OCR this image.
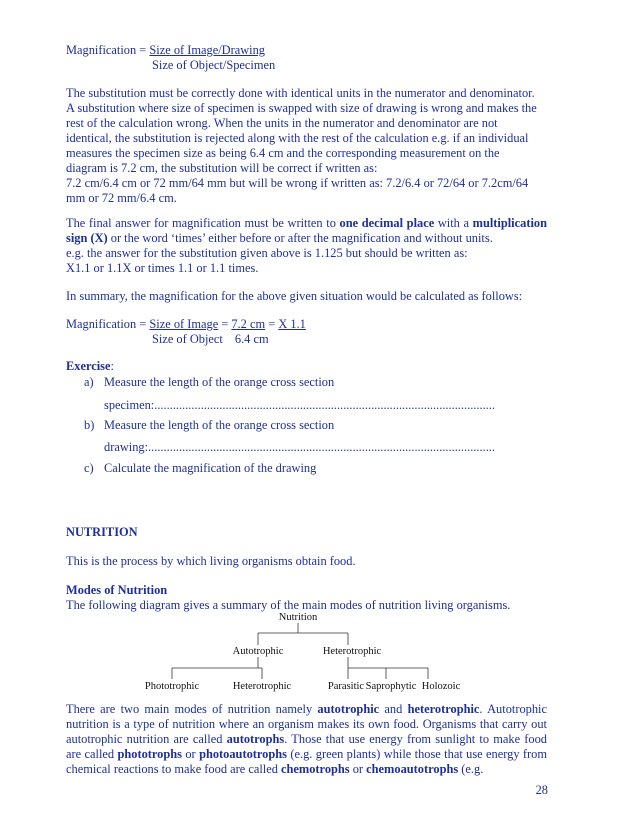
Magnification = Size of Image/Drawing
Size of Object/Specimen
The substitution must be correctly done with identical units in the numerator and denominator.
A substitution where size of specimen is swapped with size of drawing is wrong and makes the
rest of the calculation wrong. When the units in the numerator and denominator are not
identical, the substitution is rejected along with the rest of the calculation e.g. if an individual
measures the specimen size as being 6.4 cm and the corresponding measurement on the
diagram is 7.2 cm, the substitution will be correct if written as:
7.2 cm/6.4 cm or 72 mm/64 mm but will be wrong if written as: 7.2/6.4 or 72/64 or 7.2cm/64
mm or 72 mm/6.4 cm.
The final answer for magnification must be written to one decimal place with a multiplication sign (X) or the word ‘times’ either before or after the magnification and without units.
e.g. the answer for the substitution given above is 1.125 but should be written as:
X1.1 or 1.1X or times 1.1 or 1.1 times.
In summary, the magnification for the above given situation would be calculated as follows:
Magnification = Size of Image = 7.2 cm = X 1.1
Size of Object 6.4 cm
Exercise:
a) Measure the length of the orange cross section
specimen:..............................................................................................................
b) Measure the length of the orange cross section
drawing:................................................................................................................
c) Calculate the magnification of the drawing
NUTRITION
This is the process by which living organisms obtain food.
Modes of Nutrition
The following diagram gives a summary of the main modes of nutrition living organisms.
Nutrition
Autotrophic	Heterotrophic
Phototrophic	Heterotrophic	Parasitic Saprophytic Holozoic
There are two main modes of nutrition namely autotrophic and heterotrophic. Autotrophic nutrition is a type of nutrition where an organism makes its own food. Organisms that carry out autotrophic nutrition are called autotrophs. Those that use energy from sunlight to make food are called phototrophs or photoautotrophs (e.g. green plants) while those that use energy from chemical reactions to make food are called chemotrophs or chemoautotrophs (e.g.
28
